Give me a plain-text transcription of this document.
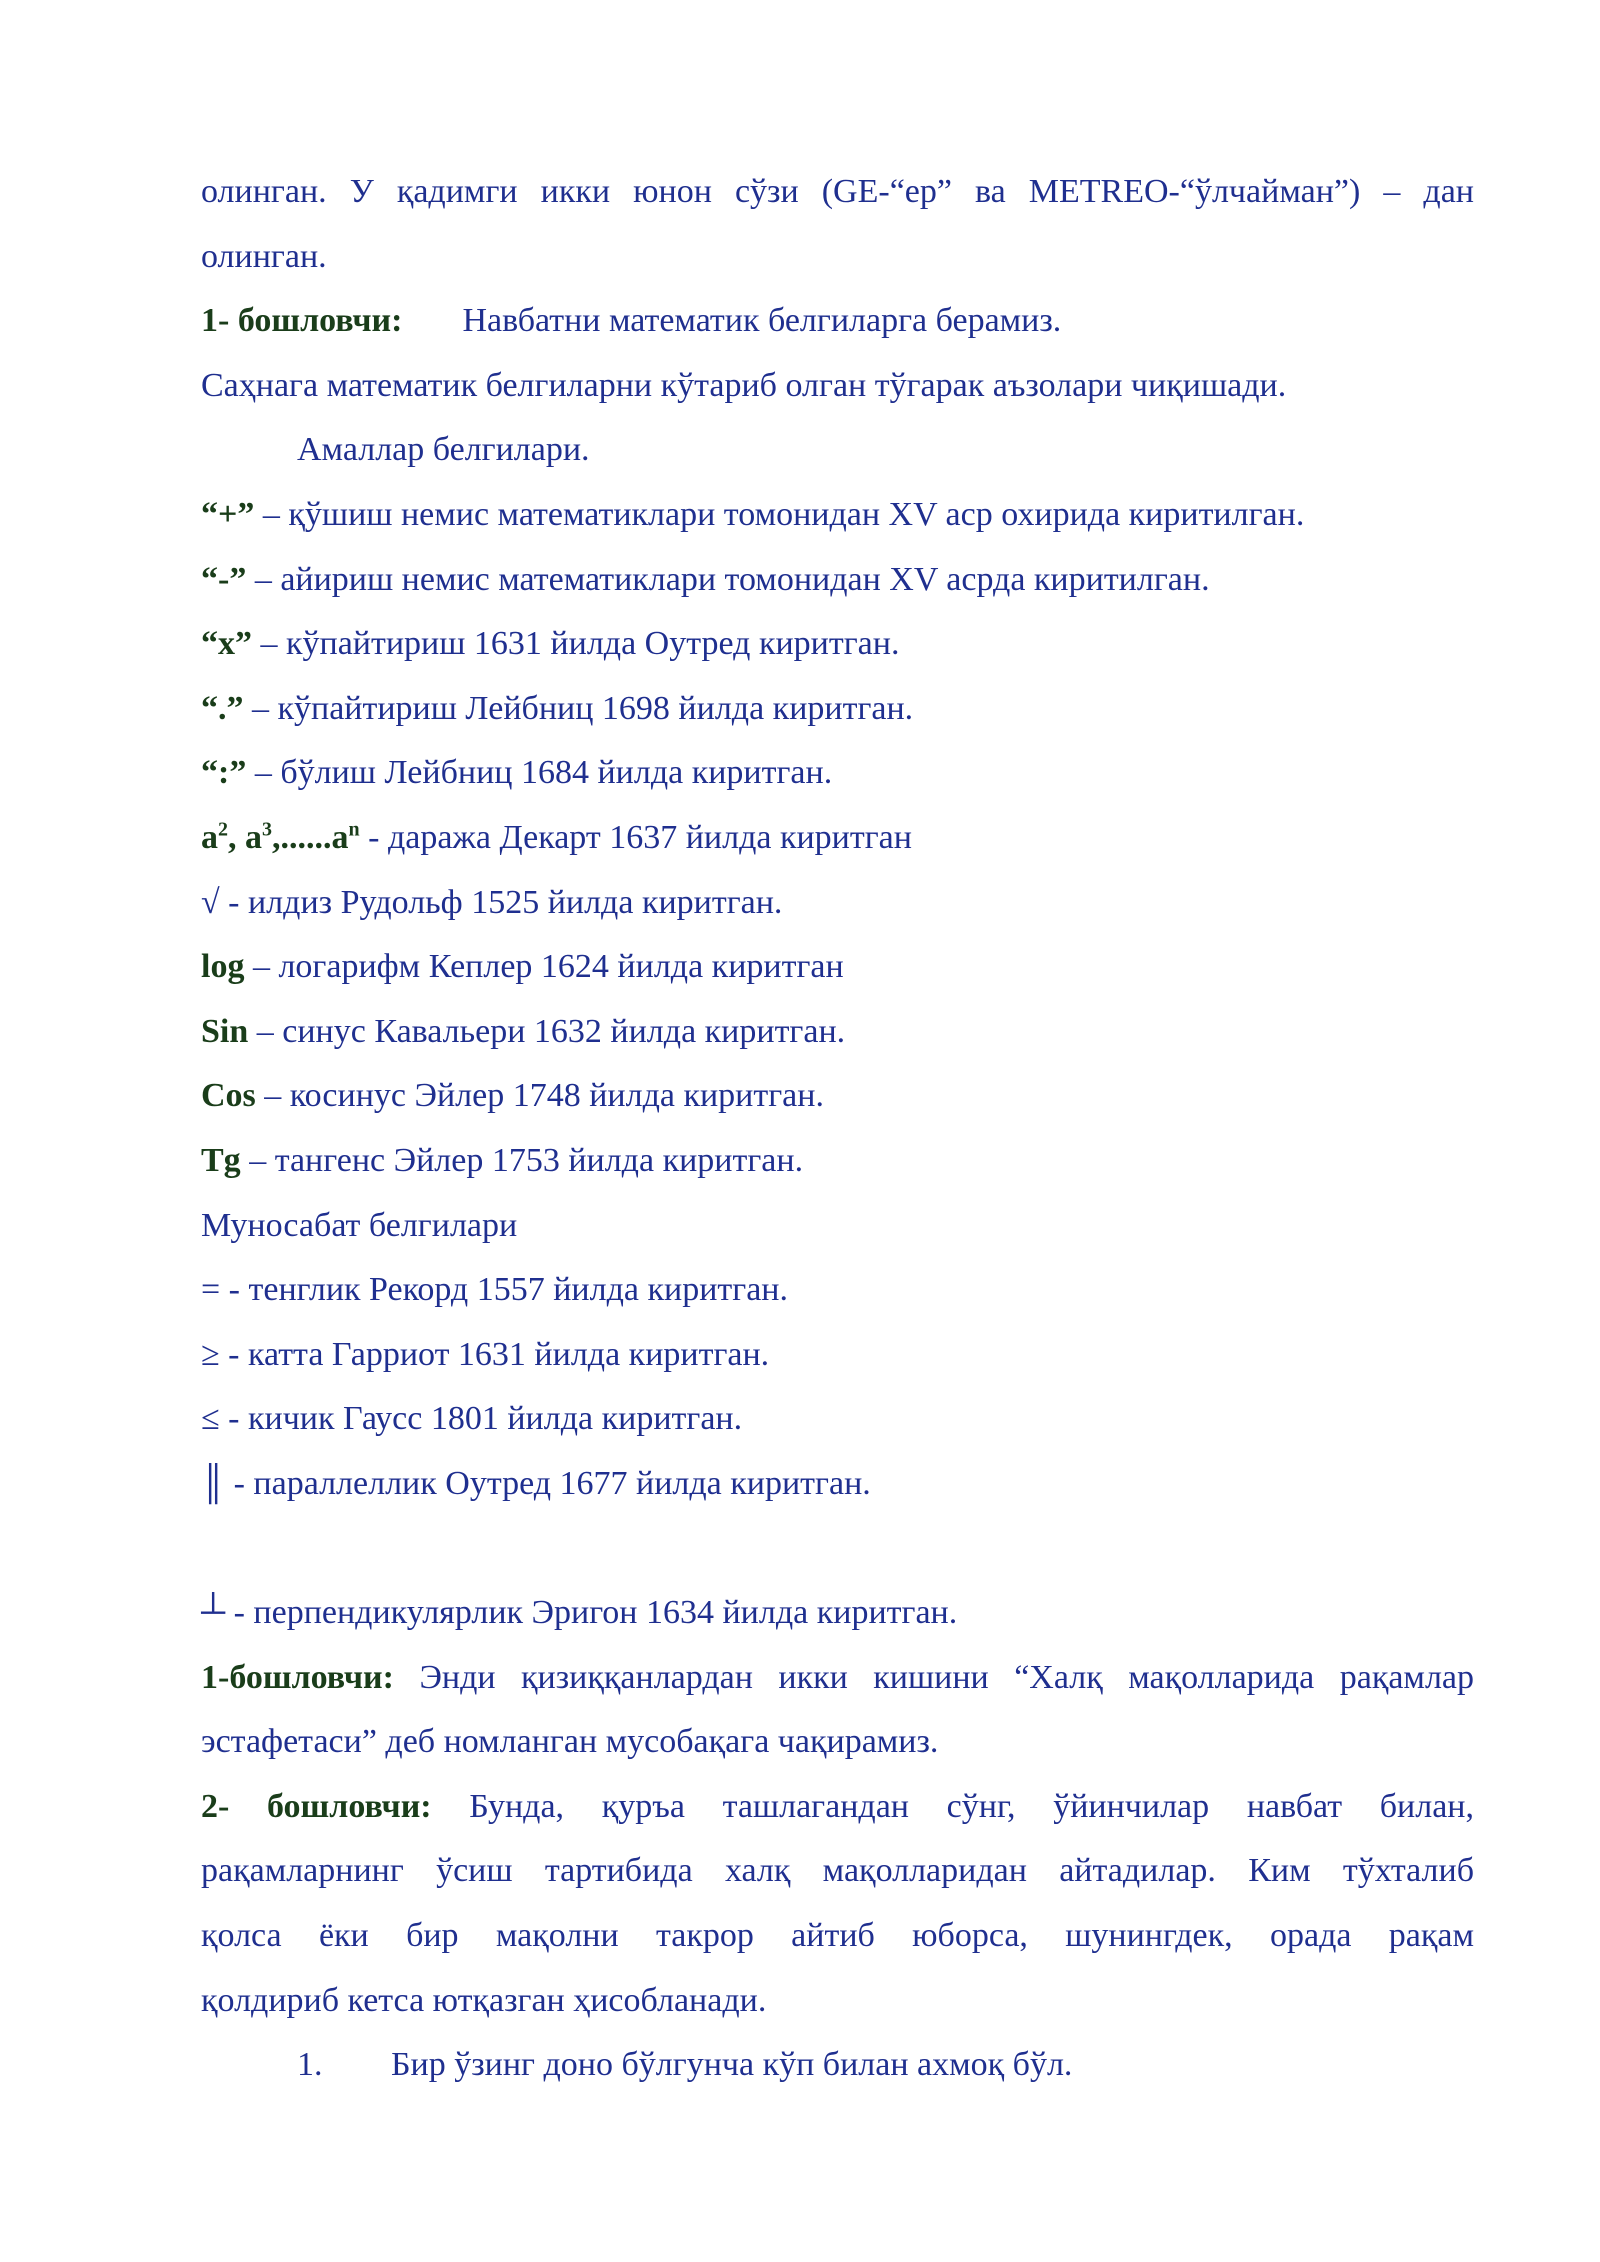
олинган. У қадимги икки юнон сўзи (GE-“ер” ва METREO-“ўлчайман”) – дан
олинган.
1- бошловчи: Навбатни математик белгиларга берамиз.
Саҳнага математик белгиларни кўтариб олган тўгарак аъзолари чиқишади.
Амаллар белгилари.
“+” – қўшиш немис математиклари томонидан XV аср охирида киритилган.
“-” – айириш немис математиклари томонидан XV асрда киритилган.
“x” – кўпайтириш 1631 йилда Оутред киритган.
“.” – кўпайтириш Лейбниц 1698 йилда киритган.
“:” – бўлиш Лейбниц 1684 йилда киритган.
$a^2$, $a^3,......a^n$ - даража Декарт 1637 йилда киритган
√ - илдиз Рудольф 1525 йилда киритган.
log – логарифм Кеплер 1624 йилда киритган
Sin – синус Кавальери 1632 йилда киритган.
Cos – косинус Эйлер 1748 йилда киритган.
Tg – тангенс Эйлер 1753 йилда киритган.
Муносабат белгилари
= - тенглик Рекорд 1557 йилда киритган.
≥ - катта Гарриот 1631 йилда киритган.
≤ - кичик Гаусс 1801 йилда киритган.
║ - параллеллик Оутред 1677 йилда киритган.
┴ - перпендикулярлик Эригон 1634 йилда киритган.
1-бошловчи: Энди қизиққанлардан икки кишини “Халқ мақолларида рақамлар
эстафетаси” деб номланган мусобақага чақирамиз.
2- бошловчи: Бунда, қуръа ташлагандан сўнг, ўйинчилар навбат билан,
рақамларнинг ўсиш тартибида халқ мақолларидан айтадилар. Ким тўхталиб
қолса ёки бир мақолни такрор айтиб юборса, шунингдек, орада рақам
қолдириб кетса ютқазган ҳисобланади.
1. Бир ўзинг доно бўлгунча кўп билан ахмоқ бўл.
